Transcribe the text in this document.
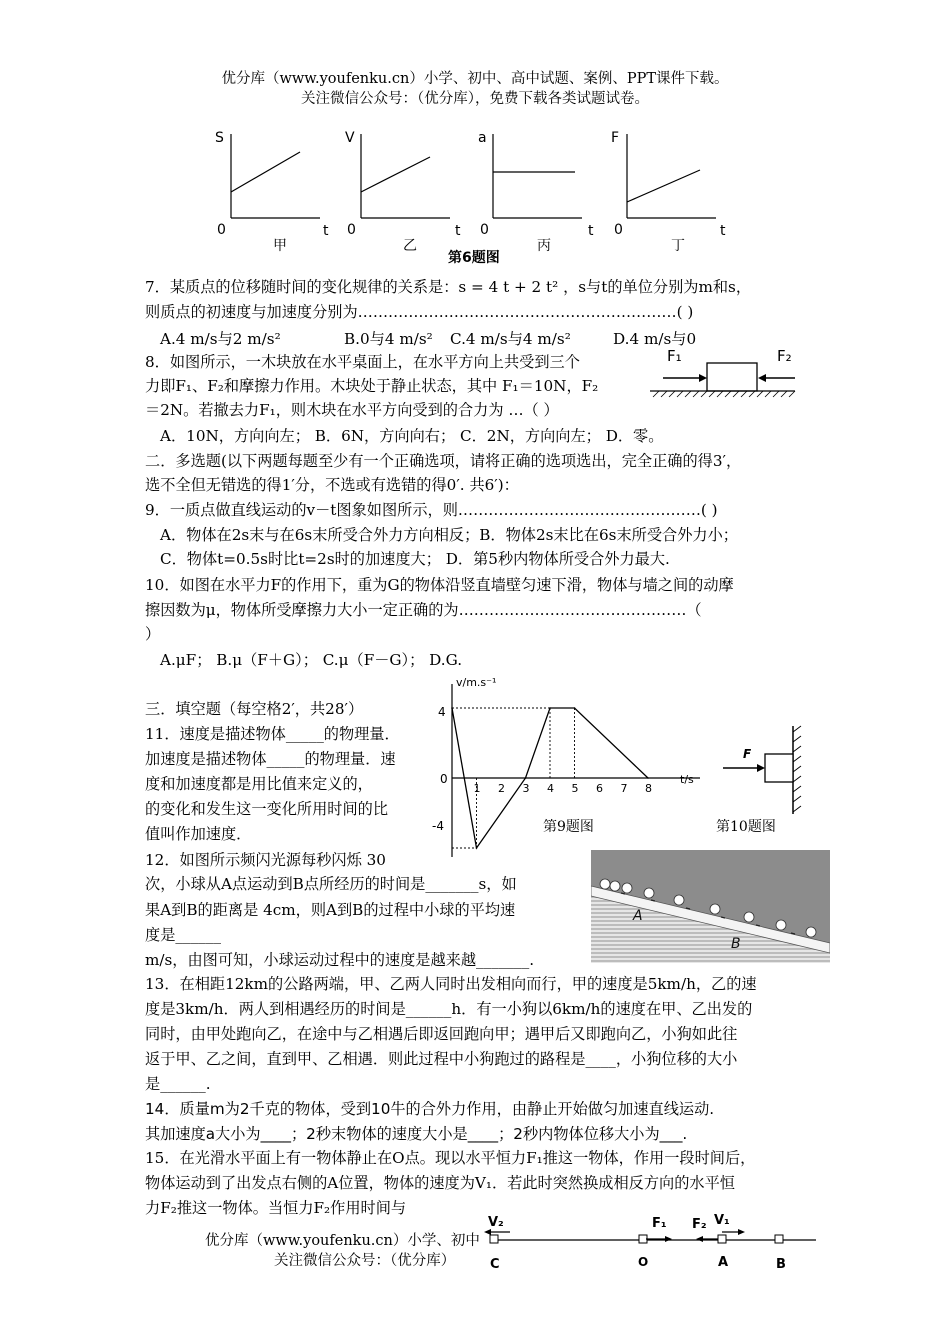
优分库（www.youfenku.cn）小学、初中、高中试题、案例、PPT课件下载。
关注微信公众号：（优分库），免费下载各类试题试卷。
S
0	t
甲
V
0	t
乙
a
0	t
丙
F
0	t
丁
第6题图
7．某质点的位移随时间的变化规律的关系是：s = 4 t + 2 t² ，s与t的单位分别为m和s，
则质点的初速度与加速度分别为………………………………………………………( )
A.4 m/s与2 m/s²	B.0与4 m/s² C.4 m/s与4 m/s²	D.4 m/s与0
8．如图所示，一木块放在水平桌面上，在水平方向上共受到三个
力即F₁、F₂和摩擦力作用。木块处于静止状态，其中 F₁＝10N，F₂
＝2N。若撤去力F₁，则木块在水平方向受到的合力为 …（ ）
A．10N，方向向左； B．6N，方向向右； C．2N，方向向左； D．零。
F₁	F₂
二．多选题(以下两题每题至少有一个正确选项，请将正确的选项选出，完全正确的得3′，
选不全但无错选的得1′分，不选或有选错的得0′. 共6′)：
9．一质点做直线运动的v－t图象如图所示，则…………………………………………( )
A．物体在2s末与在6s末所受合外力方向相反；B．物体2s末比在6s末所受合外力小；
C．物体t=0.5s时比t=2s时的加速度大； D．第5秒内物体所受合外力最大.
10．如图在水平力F的作用下，重为G的物体沿竖直墙壁匀速下滑，物体与墙之间的动摩
擦因数为μ，物体所受摩擦力大小一定正确的为………………………………………（
）
A.μF； B.μ（F＋G）； C.μ（F－G）； D.G.
三．填空题（每空格2′，共28′）
11．速度是描述物体_____的物理量．
加速度是描述物体_____的物理量．速
度和加速度都是用比值来定义的，
的变化和发生这一变化所用时间的比
值叫作加速度．
1 2 3 4 5 6 7 8
v/m.s⁻¹
t/s
0
4
-4	第9题图
F
第10题图
12．如图所示频闪光源每秒闪烁 30
次，小球从A点运动到B点所经历的时间是_______s，如
果A到B的距离是 4cm，则A到B的过程中小球的平均速
度是______
m/s，由图可知，小球运动过程中的速度是越来越_______.
A
B
13．在相距12km的公路两端，甲、乙两人同时出发相向而行，甲的速度是5km/h，乙的速
度是3km/h．两人到相遇经历的时间是______h．有一小狗以6km/h的速度在甲、乙出发的
同时，由甲处跑向乙，在途中与乙相遇后即返回跑向甲；遇甲后又即跑向乙，小狗如此往
返于甲、乙之间，直到甲、乙相遇．则此过程中小狗跑过的路程是____，小狗位移的大小
是______.
14．质量m为2千克的物体，受到10牛的合外力作用，由静止开始做匀加速直线运动.
其加速度a大小为____；2秒末物体的速度大小是____；2秒内物体位移大小为___.
15．在光滑水平面上有一物体静止在O点。现以水平恒力F₁推这一物体，作用一段时间后，
物体运动到了出发点右侧的A位置，物体的速度为V₁．若此时突然换成相反方向的水平恒
力F₂推这一物体。当恒力F₂作用时间与
优分库（www.youfenku.cn）小学、初中
关注微信公众号：（优分库）
V₂	F₁ F₂ V₁
C	O	A	B
